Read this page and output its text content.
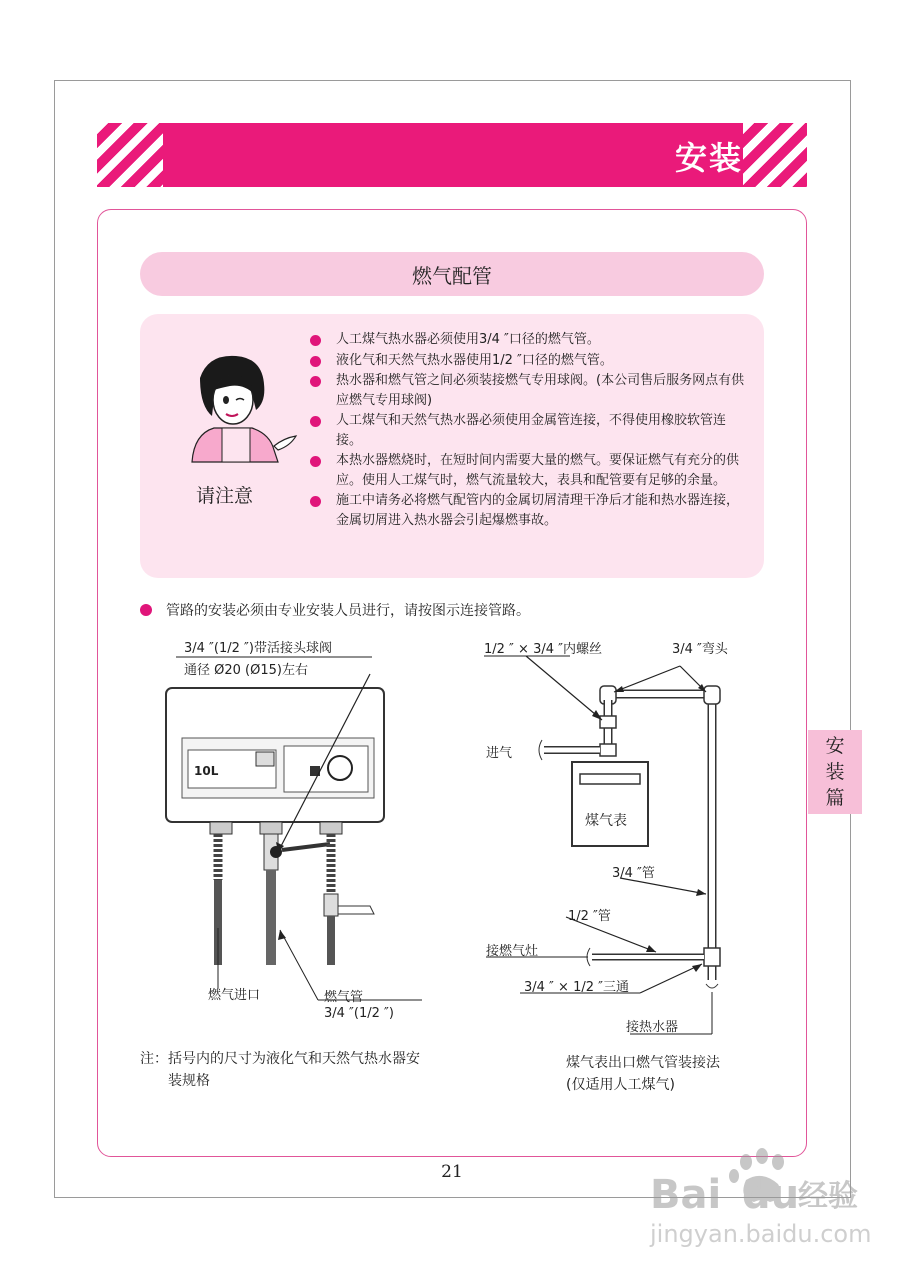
安装
燃气配管
请注意
人工煤气热水器必须使用3/4 ″口径的燃气管。
液化气和天然气热水器使用1/2 ″口径的燃气管。
热水器和燃气管之间必须装接燃气专用球阀。(本公司售后服务网点有供应燃气专用球阀)
人工煤气和天然气热水器必须使用金属管连接，不得使用橡胶软管连接。
本热水器燃烧时，在短时间内需要大量的燃气。要保证燃气有充分的供应。使用人工煤气时，燃气流量较大，表具和配管要有足够的余量。
施工中请务必将燃气配管内的金属切屑清理干净后才能和热水器连接，金属切屑进入热水器会引起爆燃事故。
管路的安装必须由专业安装人员进行，请按图示连接管路。
10L
3/4 ″(1/2 ″)带活接头球阀
通径 Ø20 (Ø15)左右
燃气进口	燃气管
3/4 ″(1/2 ″)
1/2 ″ × 3/4 ″内螺丝	3/4 ″弯头
进气
煤气表
3/4 ″管
1/2 ″管
接燃气灶
3/4 ″ × 1/2 ″三通
接热水器
安
装
篇
注：括号内的尺寸为液化气和天然气热水器安
装规格
煤气表出口燃气管装接法
(仅适用人工煤气)
21	Bai du
经验
jingyan.baidu.com
